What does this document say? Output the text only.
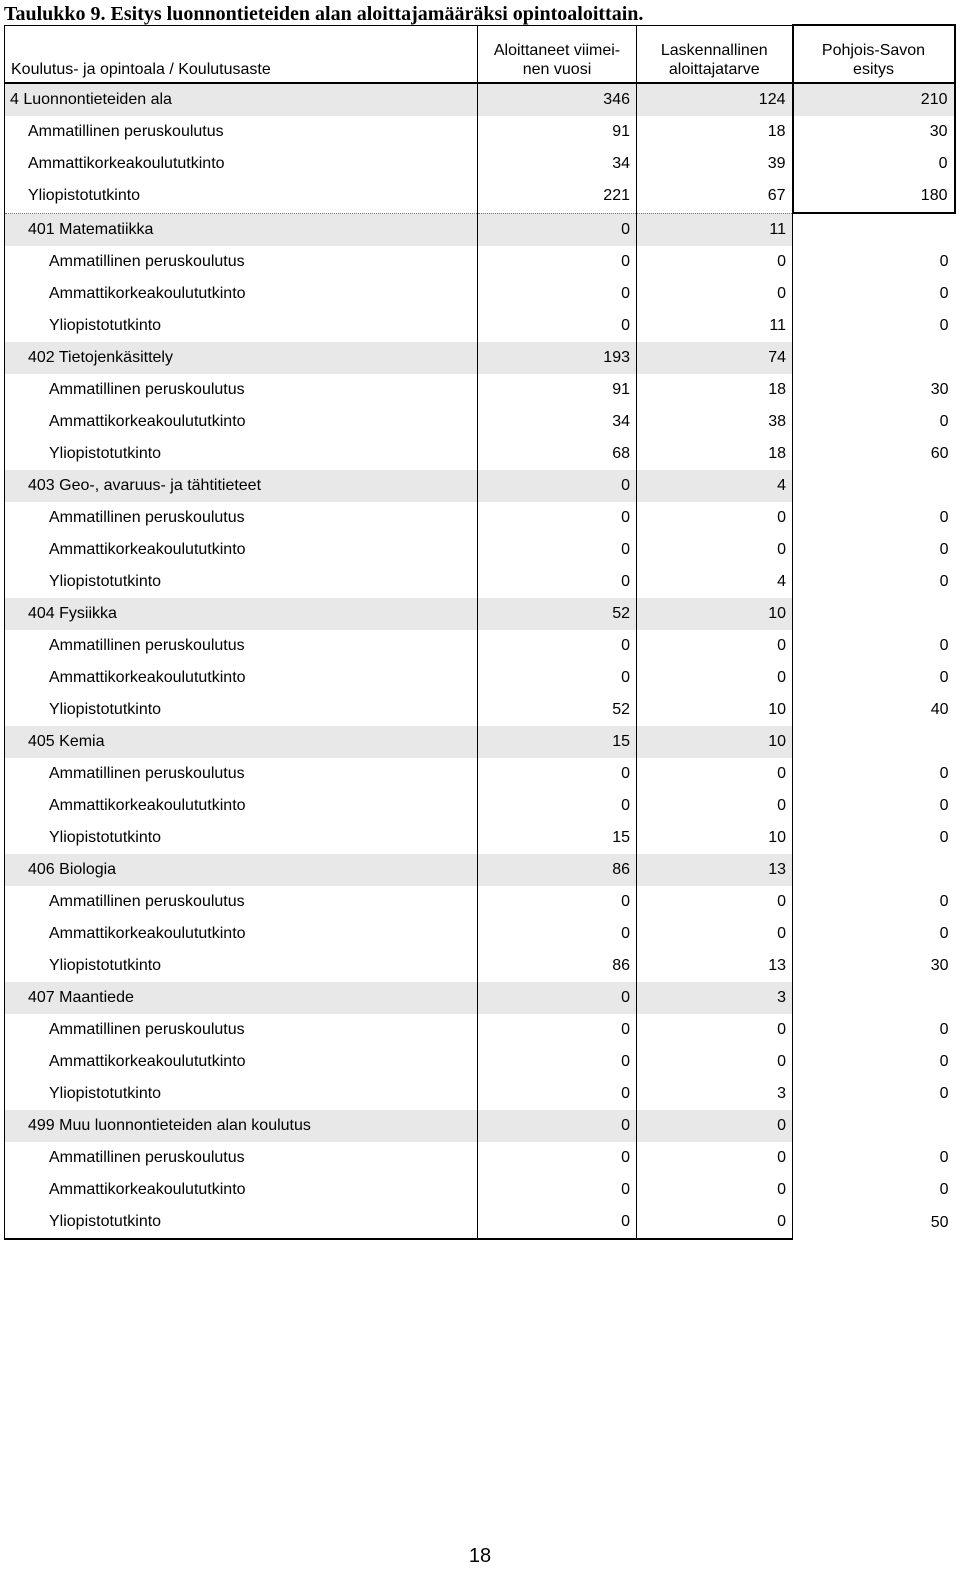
Taulukko 9. Esitys luonnontieteiden alan aloittajamääräksi opintoaloittain.
Koulutus- ja opintoala / Koulutusaste	Aloittaneet viimei-
nen vuosi	Laskennallinen
aloittajatarve	Pohjois-Savon
esitys
4 Luonnontieteiden ala	346	124	210
Ammatillinen peruskoulutus	91	18	30
Ammattikorkeakoulututkinto	34	39	0
Yliopistotutkinto	221	67	180
401 Matematiikka	0	11	
Ammatillinen peruskoulutus	0	0	0
Ammattikorkeakoulututkinto	0	0	0
Yliopistotutkinto	0	11	0
402 Tietojenkäsittely	193	74	
Ammatillinen peruskoulutus	91	18	30
Ammattikorkeakoulututkinto	34	38	0
Yliopistotutkinto	68	18	60
403 Geo-, avaruus- ja tähtitieteet	0	4	
Ammatillinen peruskoulutus	0	0	0
Ammattikorkeakoulututkinto	0	0	0
Yliopistotutkinto	0	4	0
404 Fysiikka	52	10	
Ammatillinen peruskoulutus	0	0	0
Ammattikorkeakoulututkinto	0	0	0
Yliopistotutkinto	52	10	40
405 Kemia	15	10	
Ammatillinen peruskoulutus	0	0	0
Ammattikorkeakoulututkinto	0	0	0
Yliopistotutkinto	15	10	0
406 Biologia	86	13	
Ammatillinen peruskoulutus	0	0	0
Ammattikorkeakoulututkinto	0	0	0
Yliopistotutkinto	86	13	30
407 Maantiede	0	3	
Ammatillinen peruskoulutus	0	0	0
Ammattikorkeakoulututkinto	0	0	0
Yliopistotutkinto	0	3	0
499 Muu luonnontieteiden alan koulutus	0	0	
Ammatillinen peruskoulutus	0	0	0
Ammattikorkeakoulututkinto	0	0	0
Yliopistotutkinto	0	0	50
18
